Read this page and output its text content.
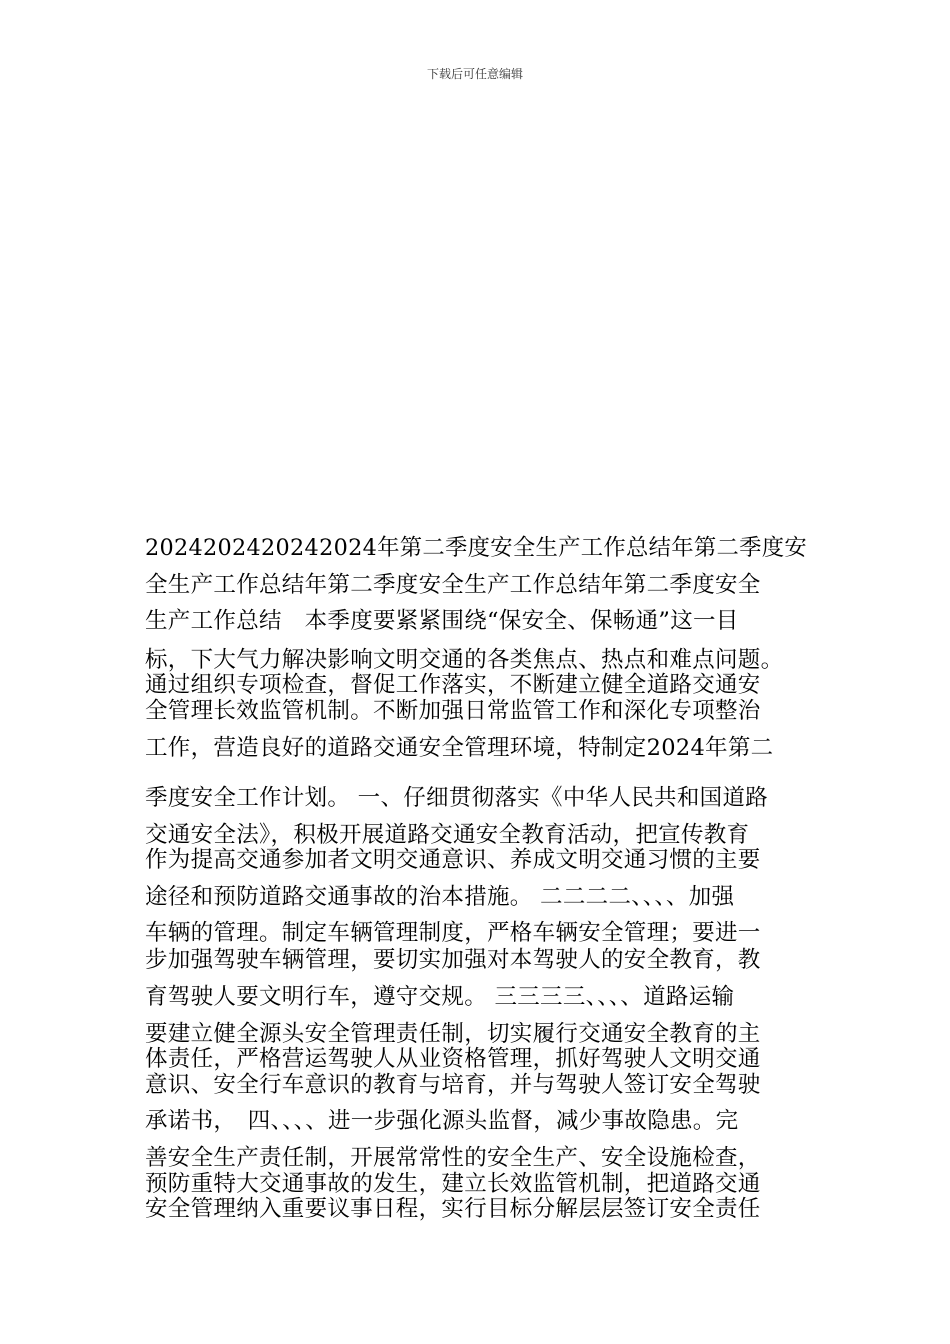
下载后可任意编辑
2024202420242024年第二季度安全生产工作总结年第二季度安
全生产工作总结年第二季度安全生产工作总结年第二季度安全
生产工作总结　本季度要紧紧围绕“保安全、保畅通”这一目
标，下大气力解决影响文明交通的各类焦点、热点和难点问题。
通过组织专项检查，督促工作落实，不断建立健全道路交通安
全管理长效监管机制。不断加强日常监管工作和深化专项整治
工作，营造良好的道路交通安全管理环境，特制定2024年第二
季度安全工作计划。 一、仔细贯彻落实《中华人民共和国道路
交通安全法》，积极开展道路交通安全教育活动，把宣传教育
作为提高交通参加者文明交通意识、养成文明交通习惯的主要
途径和预防道路交通事故的治本措施。 二二二二、、、、加强
车辆的管理。制定车辆管理制度，严格车辆安全管理；要进一
步加强驾驶车辆管理，要切实加强对本驾驶人的安全教育，教
育驾驶人要文明行车，遵守交规。 三三三三、、、、道路运输
要建立健全源头安全管理责任制，切实履行交通安全教育的主
体责任，严格营运驾驶人从业资格管理，抓好驾驶人文明交通
意识、安全行车意识的教育与培育，并与驾驶人签订安全驾驶
承诺书，　四、、、、进一步强化源头监督，减少事故隐患。完
善安全生产责任制，开展常常性的安全生产、安全设施检查，
预防重特大交通事故的发生，建立长效监管机制，把道路交通
安全管理纳入重要议事日程，实行目标分解层层签订安全责任
